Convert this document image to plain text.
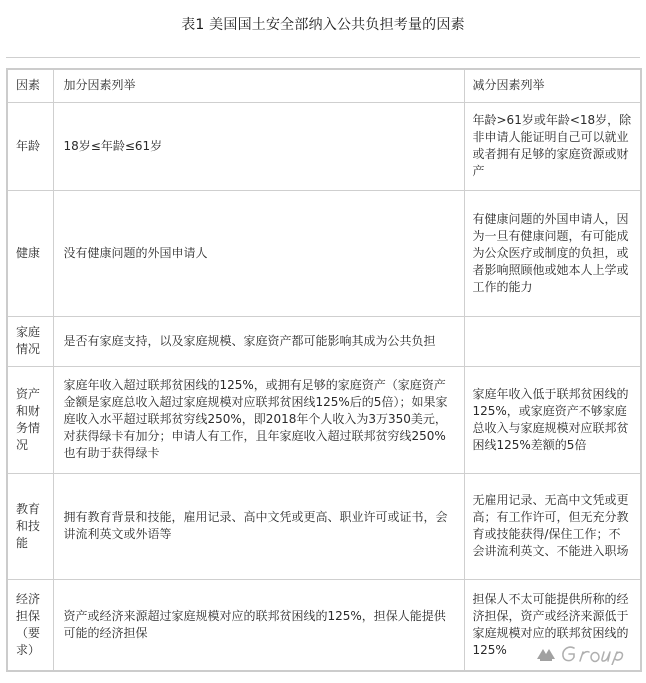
表1 美国国土安全部纳入公共负担考量的因素
因素	加分因素列举	减分因素列举
年龄	18岁≤年龄≤61岁	年龄>61岁或年龄<18岁，除非申请人能证明自己可以就业或者拥有足够的家庭资源或财产
健康	没有健康问题的外国申请人	有健康问题的外国申请人，因为一旦有健康问题，有可能成为公众医疗或制度的负担，或者影响照顾他或她本人上学或工作的能力
家庭情况	是否有家庭支持，以及家庭规模、家庭资产都可能影响其成为公共负担	
资产和财务情况	家庭年收入超过联邦贫困线的125%，或拥有足够的家庭资产（家庭资产金额是家庭总收入超过家庭规模对应联邦贫困线125%后的5倍）；如果家庭收入水平超过联邦贫穷线250%，即2018年个人收入为3万350美元，对获得绿卡有加分；申请人有工作，且年家庭收入超过联邦贫穷线250%也有助于获得绿卡	家庭年收入低于联邦贫困线的125%，或家庭资产不够家庭总收入与家庭规模对应联邦贫困线125%差额的5倍
教育和技能	拥有教育背景和技能，雇用记录、高中文凭或更高、职业许可或证书，会讲流利英文或外语等	无雇用记录、无高中文凭或更高；有工作许可，但无充分教育或技能获得/保住工作；不会讲流利英文、不能进入职场
经济担保（要求）	资产或经济来源超过家庭规模对应的联邦贫困线的125%，担保人能提供可能的经济担保	担保人不太可能提供所称的经济担保，资产或经济来源低于家庭规模对应的联邦贫困线的125%
